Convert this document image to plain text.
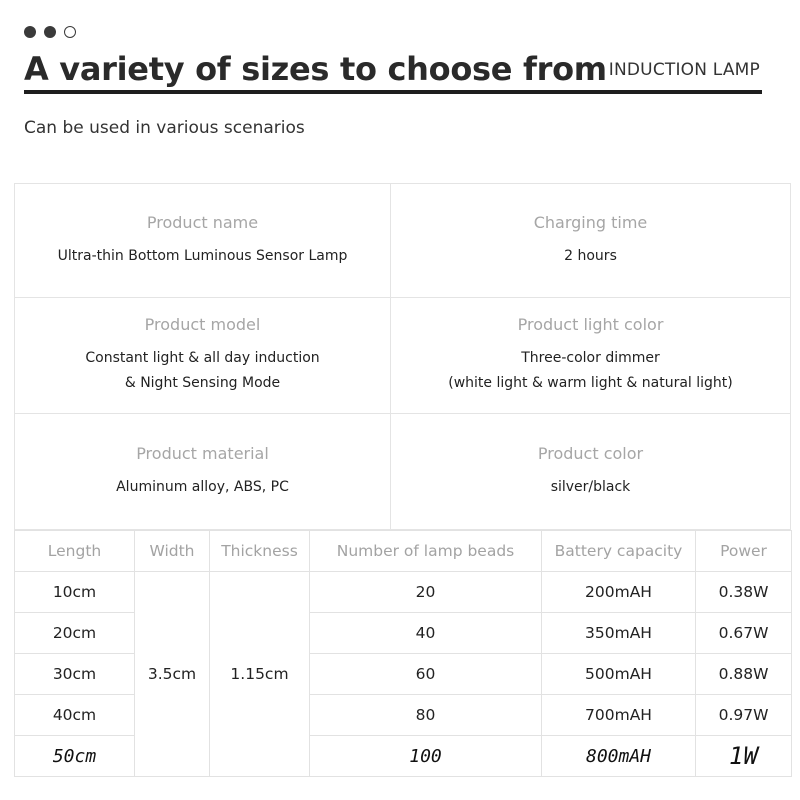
A variety of sizes to choose from INDUCTION LAMP
Can be used in various scenarios
Product name
Ultra-thin Bottom Luminous Sensor Lamp
Charging time
2 hours
Product model
Constant light & all day induction
& Night Sensing Mode
Product light color
Three-color dimmer
(white light & warm light & natural light)
Product material
Aluminum alloy, ABS, PC
Product color
silver/black
Length	Width	Thickness	Number of lamp beads	Battery capacity	Power
10cm	3.5cm	1.15cm	20	200mAH	0.38W
20cm			40	350mAH	0.67W
30cm			60	500mAH	0.88W
40cm			80	700mAH	0.97W
50cm			100	800mAH	1W
